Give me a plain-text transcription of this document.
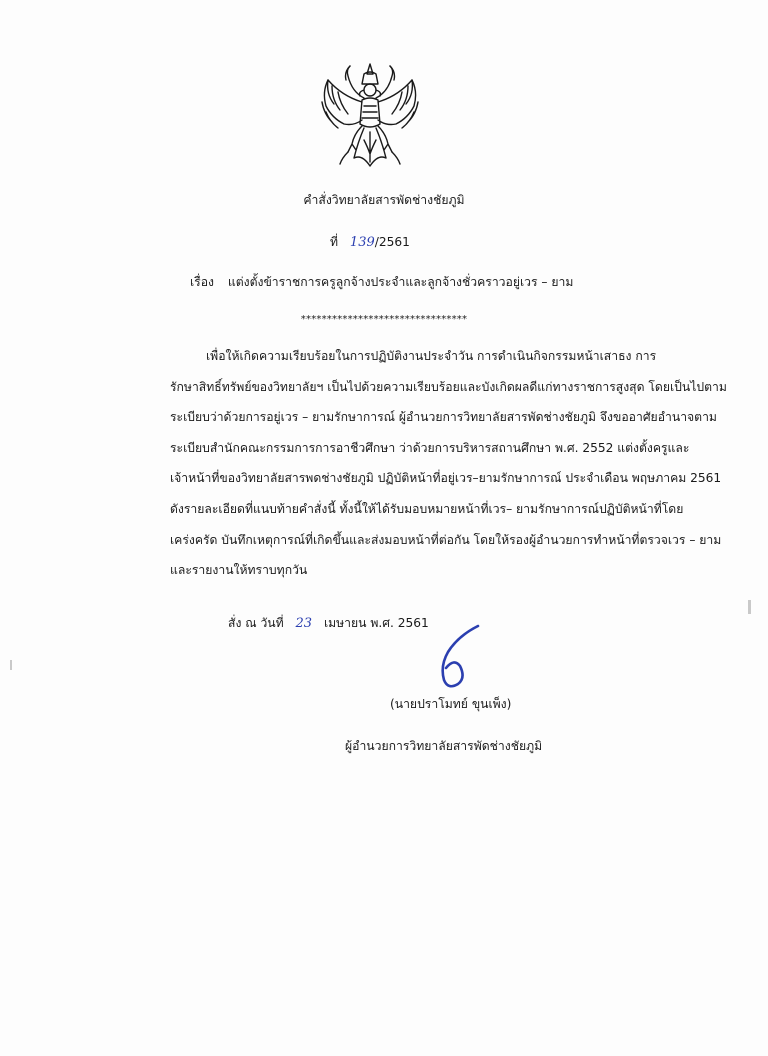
คำสั่งวิทยาลัยสารพัดช่างชัยภูมิ
ที่ 139/2561
เรื่อง แต่งตั้งข้าราชการครูลูกจ้างประจำและลูกจ้างชั่วคราวอยู่เวร – ยาม
********************************
เพื่อให้เกิดความเรียบร้อยในการปฏิบัติงานประจำวัน การดำเนินกิจกรรมหน้าเสาธง การ
รักษาสิทธิ์ทรัพย์ของวิทยาลัยฯ เป็นไปด้วยความเรียบร้อยและบังเกิดผลดีแก่ทางราชการสูงสุด โดยเป็นไปตาม
ระเบียบว่าด้วยการอยู่เวร – ยามรักษาการณ์ ผู้อำนวยการวิทยาลัยสารพัดช่างชัยภูมิ จึงขออาศัยอำนาจตาม
ระเบียบสำนักคณะกรรมการการอาชีวศึกษา ว่าด้วยการบริหารสถานศึกษา พ.ศ. 2552 แต่งตั้งครูและ
เจ้าหน้าที่ของวิทยาลัยสารพดช่างชัยภูมิ ปฏิบัติหน้าที่อยู่เวร–ยามรักษาการณ์ ประจำเดือน พฤษภาคม 2561
ดังรายละเอียดที่แนบท้ายคำสั่งนี้ ทั้งนี้ให้ได้รับมอบหมายหน้าที่เวร– ยามรักษาการณ์ปฏิบัติหน้าที่โดย
เคร่งครัด บันทึกเหตุการณ์ที่เกิดขึ้นและส่งมอบหน้าที่ต่อกัน โดยให้รองผู้อำนวยการทำหน้าที่ตรวจเวร – ยาม
และรายงานให้ทราบทุกวัน
สั่ง ณ วันที่ 23 เมษายน พ.ศ. 2561
(นายปราโมทย์ ขุนเพ็ง)
ผู้อำนวยการวิทยาลัยสารพัดช่างชัยภูมิ
